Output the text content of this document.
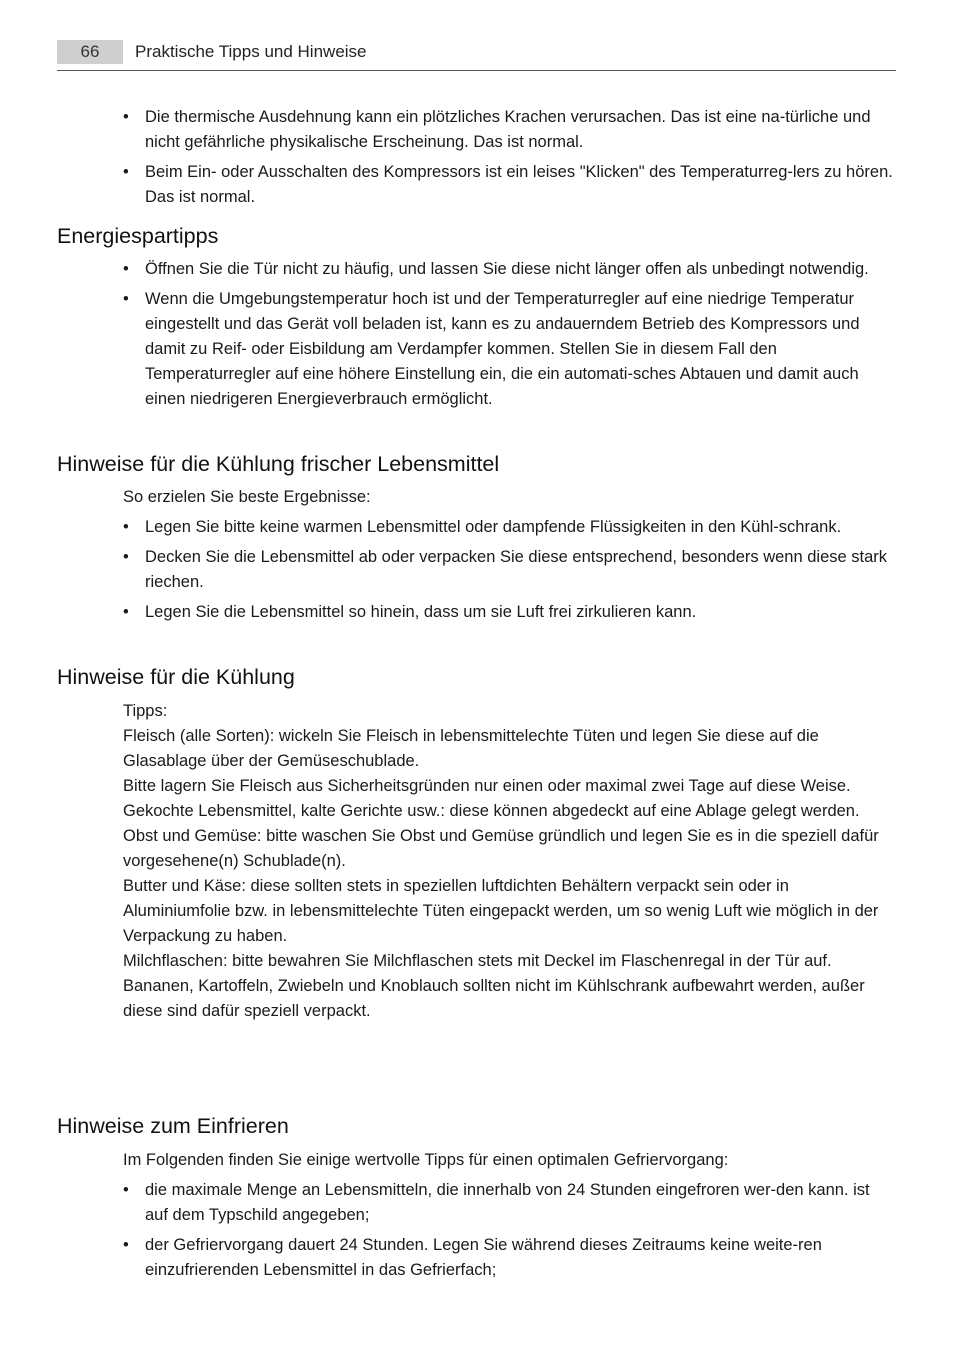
66	Praktische Tipps und Hinweise
• Die thermische Ausdehnung kann ein plötzliches Krachen verursachen. Das ist eine na-türliche und nicht gefährliche physikalische Erscheinung. Das ist normal.
• Beim Ein- oder Ausschalten des Kompressors ist ein leises "Klicken" des Temperaturreg-lers zu hören. Das ist normal.
Energiespartipps
• Öffnen Sie die Tür nicht zu häufig, und lassen Sie diese nicht länger offen als unbedingt notwendig.
• Wenn die Umgebungstemperatur hoch ist und der Temperaturregler auf eine niedrige Temperatur eingestellt und das Gerät voll beladen ist, kann es zu andauerndem Betrieb des Kompressors und damit zu Reif- oder Eisbildung am Verdampfer kommen. Stellen Sie in diesem Fall den Temperaturregler auf eine höhere Einstellung ein, die ein automati-sches Abtauen und damit auch einen niedrigeren Energieverbrauch ermöglicht.
Hinweise für die Kühlung frischer Lebensmittel

So erzielen Sie beste Ergebnisse:

• Legen Sie bitte keine warmen Lebensmittel oder dampfende Flüssigkeiten in den Kühl-schrank.
• Decken Sie die Lebensmittel ab oder verpacken Sie diese entsprechend, besonders wenn diese stark riechen.
• Legen Sie die Lebensmittel so hinein, dass um sie Luft frei zirkulieren kann.
Hinweise für die Kühlung

Tipps:

Fleisch (alle Sorten): wickeln Sie Fleisch in lebensmittelechte Tüten und legen Sie diese auf die Glasablage über der Gemüseschublade.

Bitte lagern Sie Fleisch aus Sicherheitsgründen nur einen oder maximal zwei Tage auf diese Weise.

Gekochte Lebensmittel, kalte Gerichte usw.: diese können abgedeckt auf eine Ablage gelegt werden.

Obst und Gemüse: bitte waschen Sie Obst und Gemüse gründlich und legen Sie es in die speziell dafür vorgesehene(n) Schublade(n).

Butter und Käse: diese sollten stets in speziellen luftdichten Behältern verpackt sein oder in Aluminiumfolie bzw. in lebensmittelechte Tüten eingepackt werden, um so wenig Luft wie möglich in der Verpackung zu haben.

Milchflaschen: bitte bewahren Sie Milchflaschen stets mit Deckel im Flaschenregal in der Tür auf.

Bananen, Kartoffeln, Zwiebeln und Knoblauch sollten nicht im Kühlschrank aufbewahrt werden, außer diese sind dafür speziell verpackt.

Hinweise zum Einfrieren

Im Folgenden finden Sie einige wertvolle Tipps für einen optimalen Gefriervorgang:

• die maximale Menge an Lebensmitteln, die innerhalb von 24 Stunden eingefroren wer-den kann. ist auf dem Typschild angegeben;
• der Gefriervorgang dauert 24 Stunden. Legen Sie während dieses Zeitraums keine weite-ren einzufrierenden Lebensmittel in das Gefrierfach;
